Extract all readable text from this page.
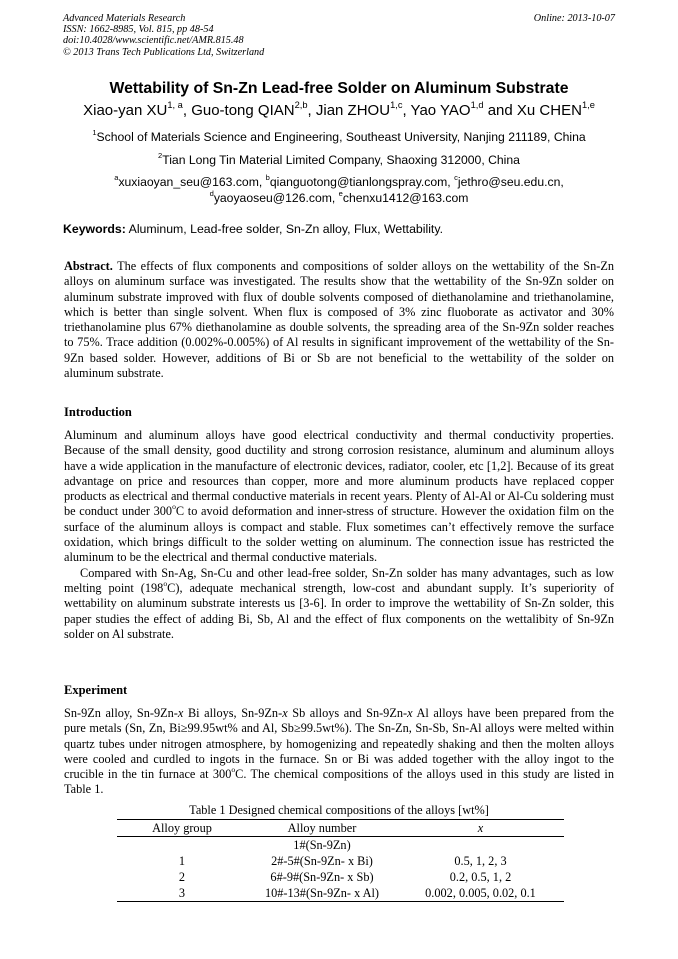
Advanced Materials Research
ISSN: 1662-8985, Vol. 815, pp 48-54
doi:10.4028/www.scientific.net/AMR.815.48
© 2013 Trans Tech Publications Ltd, Switzerland
Online: 2013-10-07
Wettability of Sn-Zn Lead-free Solder on Aluminum Substrate
Xiao-yan XU$^{1, a}$, Guo-tong QIAN$^{2,b}$, Jian ZHOU$^{1,c}$, Yao YAO$^{1,d}$ and Xu CHEN$^{1,e}$
$^1$School of Materials Science and Engineering, Southeast University, Nanjing 211189, China
$^2$Tian Long Tin Material Limited Company, Shaoxing 312000, China
$^a$xuxiaoyan_seu@163.com, $^b$qianguotong@tianlongspray.com, $^c$jethro@seu.edu.cn,
$^d$yaoyaoseu@126.com, $^e$chenxu1412@163.com
Keywords: Aluminum, Lead-free solder, Sn-Zn alloy, Flux, Wettability.
Abstract. The effects of flux components and compositions of solder alloys on the wettability of the Sn-Zn alloys on aluminum surface was investigated. The results show that the wettability of the Sn-9Zn solder on aluminum substrate improved with flux of double solvents composed of diethanolamine and triethanolamine, which is better than single solvent. When flux is composed of 3% zinc fluoborate as activator and 30% triethanolamine plus 67% diethanolamine as double solvents, the spreading area of the Sn-9Zn solder reaches to 75%. Trace addition (0.002%-0.005%) of Al results in significant improvement of the wettability of the Sn-9Zn based solder. However, additions of Bi or Sb are not beneficial to the wettability of the solder on aluminum substrate.
Introduction
Aluminum and aluminum alloys have good electrical conductivity and thermal conductivity properties. Because of the small density, good ductility and strong corrosion resistance, aluminum and aluminum alloys have a wide application in the manufacture of electronic devices, radiator, cooler, etc [1,2]. Because of its great advantage on price and resources than copper, more and more aluminum products have replaced copper products as electrical and thermal conductive materials in recent years. Plenty of Al-Al or Al-Cu soldering must be conduct under 300$^o$C to avoid deformation and inner-stress of structure. However the oxidation film on the surface of the aluminum alloys is compact and stable. Flux sometimes can’t effectively remove the surface oxidation, which brings difficult to the solder wetting on aluminum. The connection issue has restricted the aluminum to be the electrical and thermal conductive materials.
Compared with Sn-Ag, Sn-Cu and other lead-free solder, Sn-Zn solder has many advantages, such as low melting point (198$^o$C), adequate mechanical strength, low-cost and abundant supply. It’s superiority of wettability on aluminum substrate interests us [3-6]. In order to improve the wettability of Sn-Zn solder, this paper studies the effect of adding Bi, Sb, Al and the effect of flux components on the wettalibity of Sn-9Zn solder on Al substrate.
Experiment
Sn-9Zn alloy, Sn-9Zn-x Bi alloys, Sn-9Zn-x Sb alloys and Sn-9Zn-x Al alloys have been prepared from the pure metals (Sn, Zn, Bi≥99.95wt% and Al, Sb≥99.5wt%). The Sn-Zn, Sn-Sb, Sn-Al alloys were melted within quartz tubes under nitrogen atmosphere, by homogenizing and repeatedly shaking and then the molten alloys were cooled and curdled to ingots in the furnace. Sn or Bi was added together with the alloy ingot to the crucible in the tin furnace at 300$^o$C. The chemical compositions of the alloys used in this study are listed in Table 1.
Table 1 Designed chemical compositions of the alloys [wt%]
Alloy group	Alloy number	x
	1#(Sn-9Zn)	
1	2#-5#(Sn-9Zn- x Bi)	0.5, 1, 2, 3
2	6#-9#(Sn-9Zn- x Sb)	0.2, 0.5, 1, 2
3	10#-13#(Sn-9Zn- x Al)	0.002, 0.005, 0.02, 0.1
